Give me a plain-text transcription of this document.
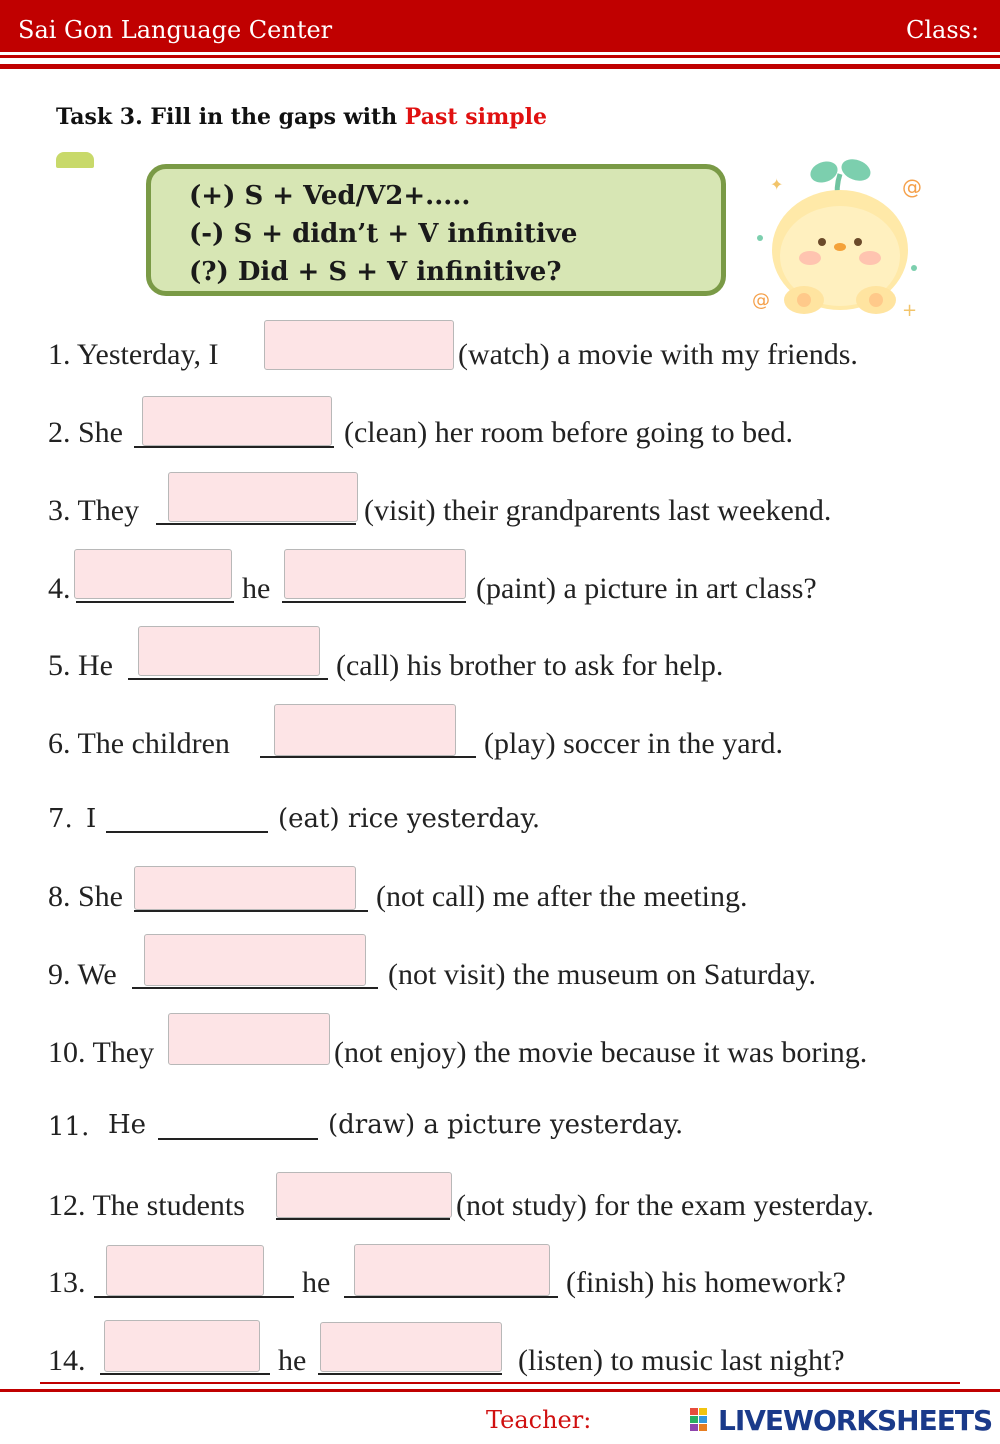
Sai Gon Language Center	Class:
Task 3. Fill in the gaps with Past simple
(+) S + Ved/V2+.....
(-) S + didn’t + V infinitive
(?) Did + S + V infinitive?
✦	@
+
@
1. Yesterday, I	(watch) a movie with my friends.
2. She	(clean) her room before going to bed.
3. They	(visit) their grandparents last weekend.
4.	he	(paint) a picture in art class?
5. He	(call) his brother to ask for help.
6. The children	(play) soccer in the yard.
7. I	(eat) rice yesterday.
8. She	(not call) me after the meeting.
9. We	(not visit) the museum on Saturday.
10. They	(not enjoy) the movie because it was boring.
11. He	(draw) a picture yesterday.
12. The students	(not study) for the exam yesterday.
13.	he	(finish) his homework?
14.	he	(listen) to music last night?
Teacher:	LIVEWORKSHEETS
